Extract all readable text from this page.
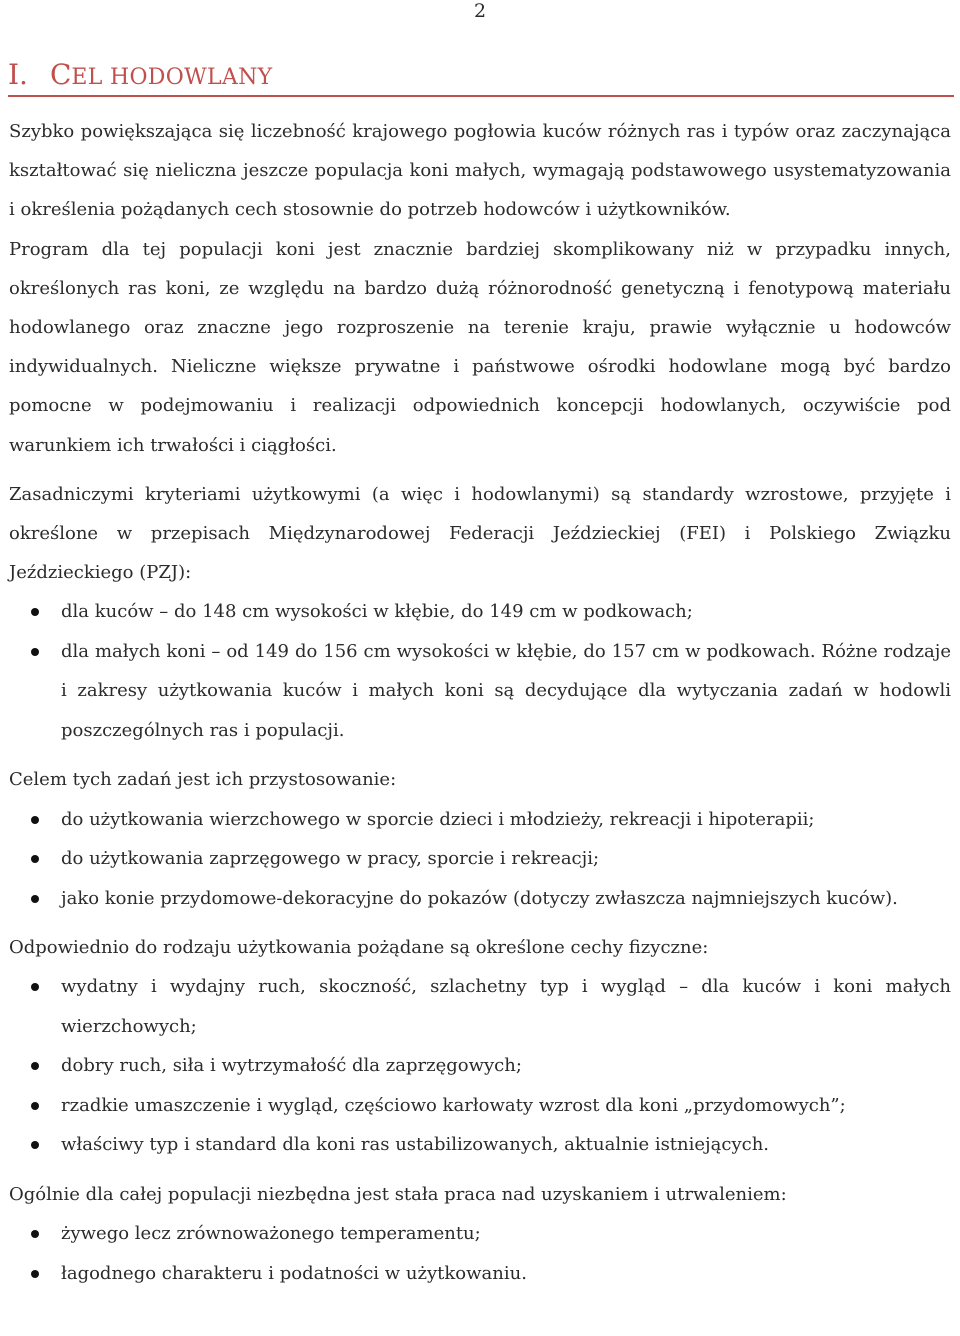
2
I. CEL HODOWLANY

Szybko powiększająca się liczebność krajowego pogłowia kuców różnych ras i typów oraz zaczynająca kształtować się nieliczna jeszcze populacja koni małych, wymagają podstawowego usystematyzowania i określenia pożądanych cech stosownie do potrzeb hodowców i użytkowników.

Program dla tej populacji koni jest znacznie bardziej skomplikowany niż w przypadku innych, określonych ras koni, ze względu na bardzo dużą różnorodność genetyczną i fenotypową materiału hodowlanego oraz znaczne jego rozproszenie na terenie kraju, prawie wyłącznie u hodowców indywidualnych. Nieliczne większe prywatne i państwowe ośrodki hodowlane mogą być bardzo pomocne w podejmowaniu i realizacji odpowiednich koncepcji hodowlanych, oczywiście pod warunkiem ich trwałości i ciągłości.

Zasadniczymi kryteriami użytkowymi (a więc i hodowlanymi) są standardy wzrostowe, przyjęte i określone w przepisach Międzynarodowej Federacji Jeździeckiej (FEI) i Polskiego Związku Jeździeckiego (PZJ):

dla kuców – do 148 cm wysokości w kłębie, do 149 cm w podkowach;
dla małych koni – od 149 do 156 cm wysokości w kłębie, do 157 cm w podkowach. Różne rodzaje i zakresy użytkowania kuców i małych koni są decydujące dla wytyczania zadań w hodowli poszczególnych ras i populacji.

Celem tych zadań jest ich przystosowanie:

do użytkowania wierzchowego w sporcie dzieci i młodzieży, rekreacji i hipoterapii;
do użytkowania zaprzęgowego w pracy, sporcie i rekreacji;
jako konie przydomowe-dekoracyjne do pokazów (dotyczy zwłaszcza najmniejszych kuców).

Odpowiednio do rodzaju użytkowania pożądane są określone cechy fizyczne:

wydatny i wydajny ruch, skoczność, szlachetny typ i wygląd – dla kuców i koni małych wierzchowych;
dobry ruch, siła i wytrzymałość dla zaprzęgowych;
rzadkie umaszczenie i wygląd, częściowo karłowaty wzrost dla koni „przydomowych”;
właściwy typ i standard dla koni ras ustabilizowanych, aktualnie istniejących.

Ogólnie dla całej populacji niezbędna jest stała praca nad uzyskaniem i utrwaleniem:

żywego lecz zrównoważonego temperamentu;
łagodnego charakteru i podatności w użytkowaniu.
